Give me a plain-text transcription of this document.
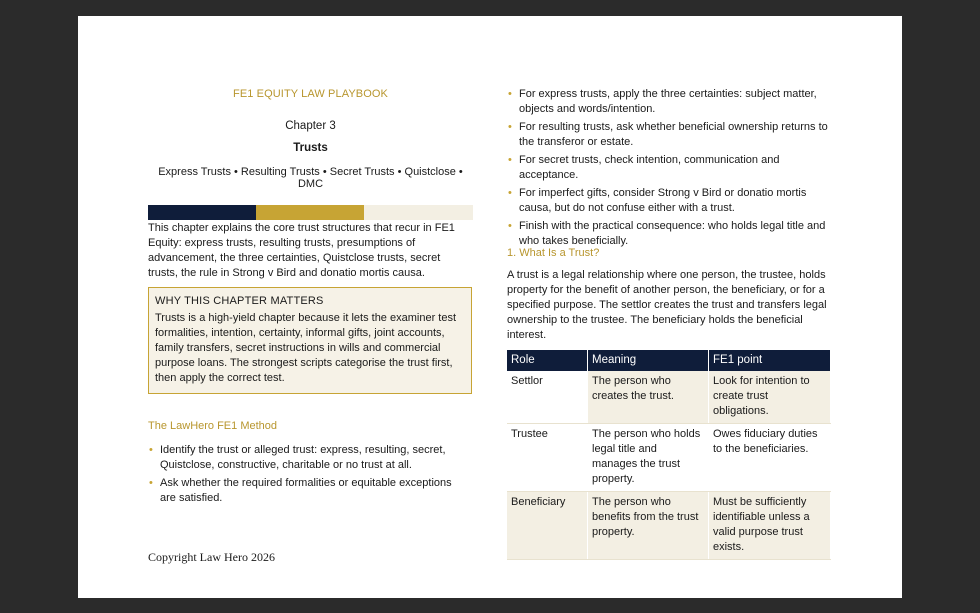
FE1 EQUITY LAW PLAYBOOK
Chapter 3
Trusts
Express Trusts • Resulting Trusts • Secret Trusts • Quistclose • DMC
This chapter explains the core trust structures that recur in FE1 Equity: express trusts, resulting trusts, presumptions of advancement, the three certainties, Quistclose trusts, secret trusts, the rule in Strong v Bird and donatio mortis causa.
WHY THIS CHAPTER MATTERS
Trusts is a high-yield chapter because it lets the examiner test formalities, intention, certainty, informal gifts, joint accounts, family transfers, secret instructions in wills and commercial purpose loans. The strongest scripts categorise the trust first, then apply the correct test.
The LawHero FE1 Method
• Identify the trust or alleged trust: express, resulting, secret, Quistclose, constructive, charitable or no trust at all.
• Ask whether the required formalities or equitable exceptions are satisfied.
Copyright Law Hero 2026
• For express trusts, apply the three certainties: subject matter, objects and words/intention.
• For resulting trusts, ask whether beneficial ownership returns to the transferor or estate.
• For secret trusts, check intention, communication and acceptance.
• For imperfect gifts, consider Strong v Bird or donatio mortis causa, but do not confuse either with a trust.
• Finish with the practical consequence: who holds legal title and who takes beneficially.
1. What Is a Trust?
A trust is a legal relationship where one person, the trustee, holds property for the benefit of another person, the beneficiary, or for a specified purpose. The settlor creates the trust and transfers legal ownership to the trustee. The beneficiary holds the beneficial interest.
Role	Meaning	FE1 point
Settlor	The person who creates the trust.	Look for intention to create trust obligations.
Trustee	The person who holds legal title and manages the trust property.	Owes fiduciary duties to the beneficiaries.
Beneficiary	The person who benefits from the trust property.	Must be sufficiently identifiable unless a valid purpose trust exists.
